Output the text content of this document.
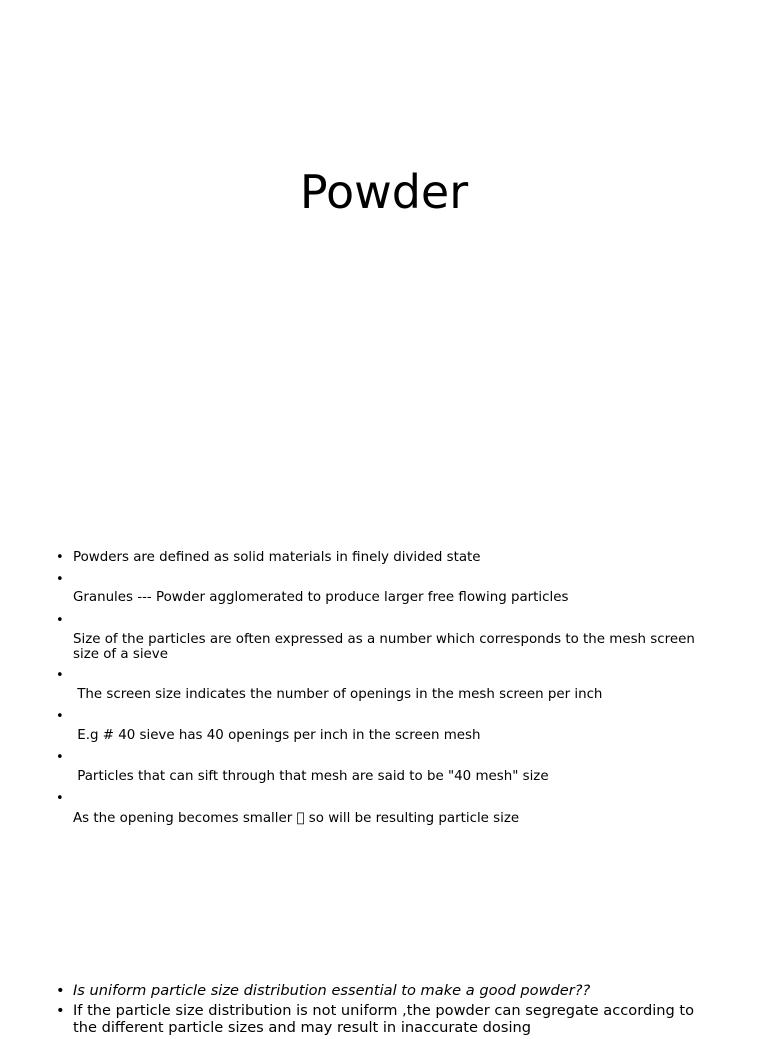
Powder
• Powders are defined as solid materials in finely divided state
•
Granules --- Powder agglomerated to produce larger free flowing particles
•
Size of the particles are often expressed as a number which corresponds to the mesh screen size of a sieve
•
The screen size indicates the number of openings in the mesh screen per inch
•
E.g # 40 sieve has 40 openings per inch in the screen mesh
•
Particles that can sift through that mesh are said to be "40 mesh" size
•
As the opening becomes smaller so will be resulting particle size
• Is uniform particle size distribution essential to make a good powder??
• If the particle size distribution is not uniform ,the powder can segregate according to the different particle sizes and may result in inaccurate dosing
